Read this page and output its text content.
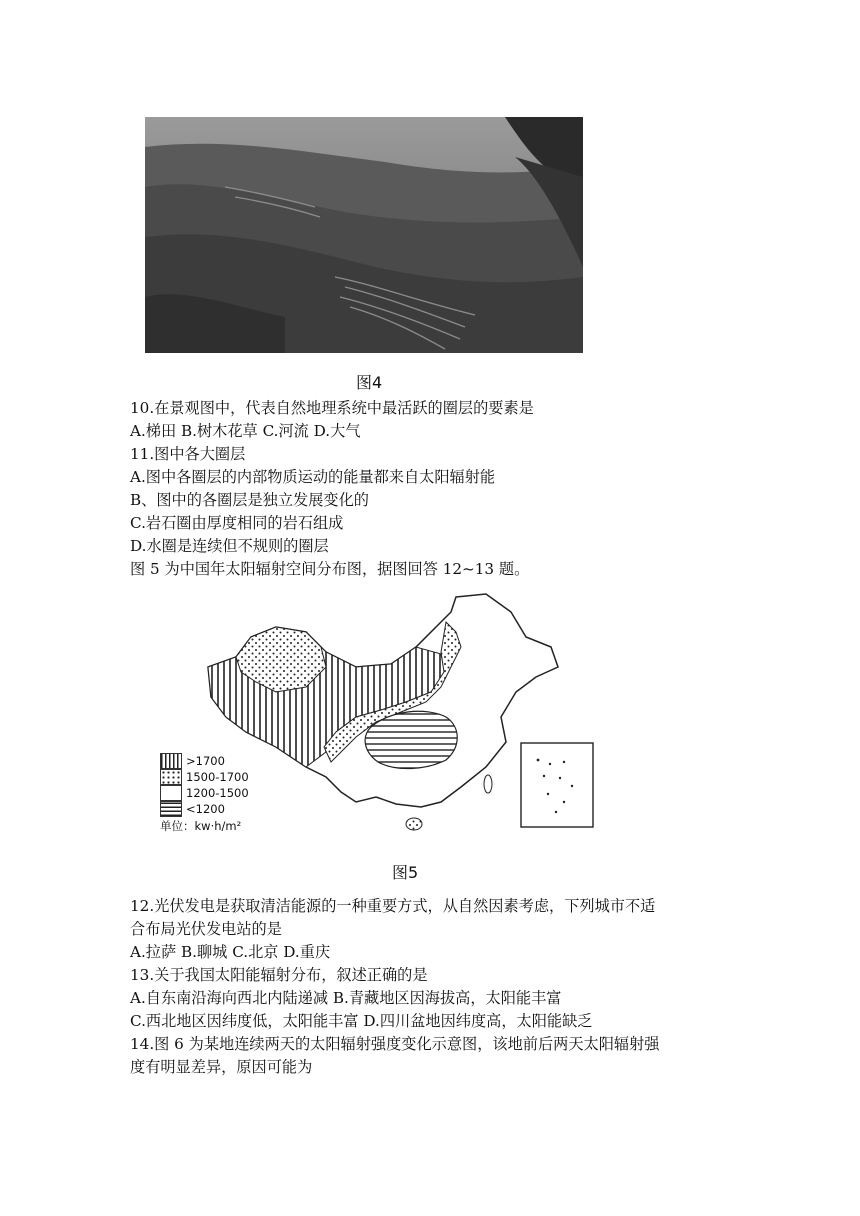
图4
10.在景观图中，代表自然地理系统中最活跃的圈层的要素是
A.梯田 B.树木花草 C.河流 D.大气
11.图中各大圈层
A.图中各圈层的内部物质运动的能量都来自太阳辐射能
B、图中的各圈层是独立发展变化的
C.岩石圈由厚度相同的岩石组成
D.水圈是连续但不规则的圈层
图 5 为中国年太阳辐射空间分布图，据图回答 12~13 题。
>1700
1500-1700
1200-1500
<1200
单位：kw·h/m²
图5
12.光伏发电是获取清洁能源的一种重要方式，从自然因素考虑，下列城市不适
合布局光伏发电站的是
A.拉萨 B.聊城 C.北京 D.重庆
13.关于我国太阳能辐射分布，叙述正确的是
A.自东南沿海向西北内陆递减 B.青藏地区因海拔高，太阳能丰富
C.西北地区因纬度低，太阳能丰富 D.四川盆地因纬度高，太阳能缺乏
14.图 6 为某地连续两天的太阳辐射强度变化示意图，该地前后两天太阳辐射强
度有明显差异，原因可能为
